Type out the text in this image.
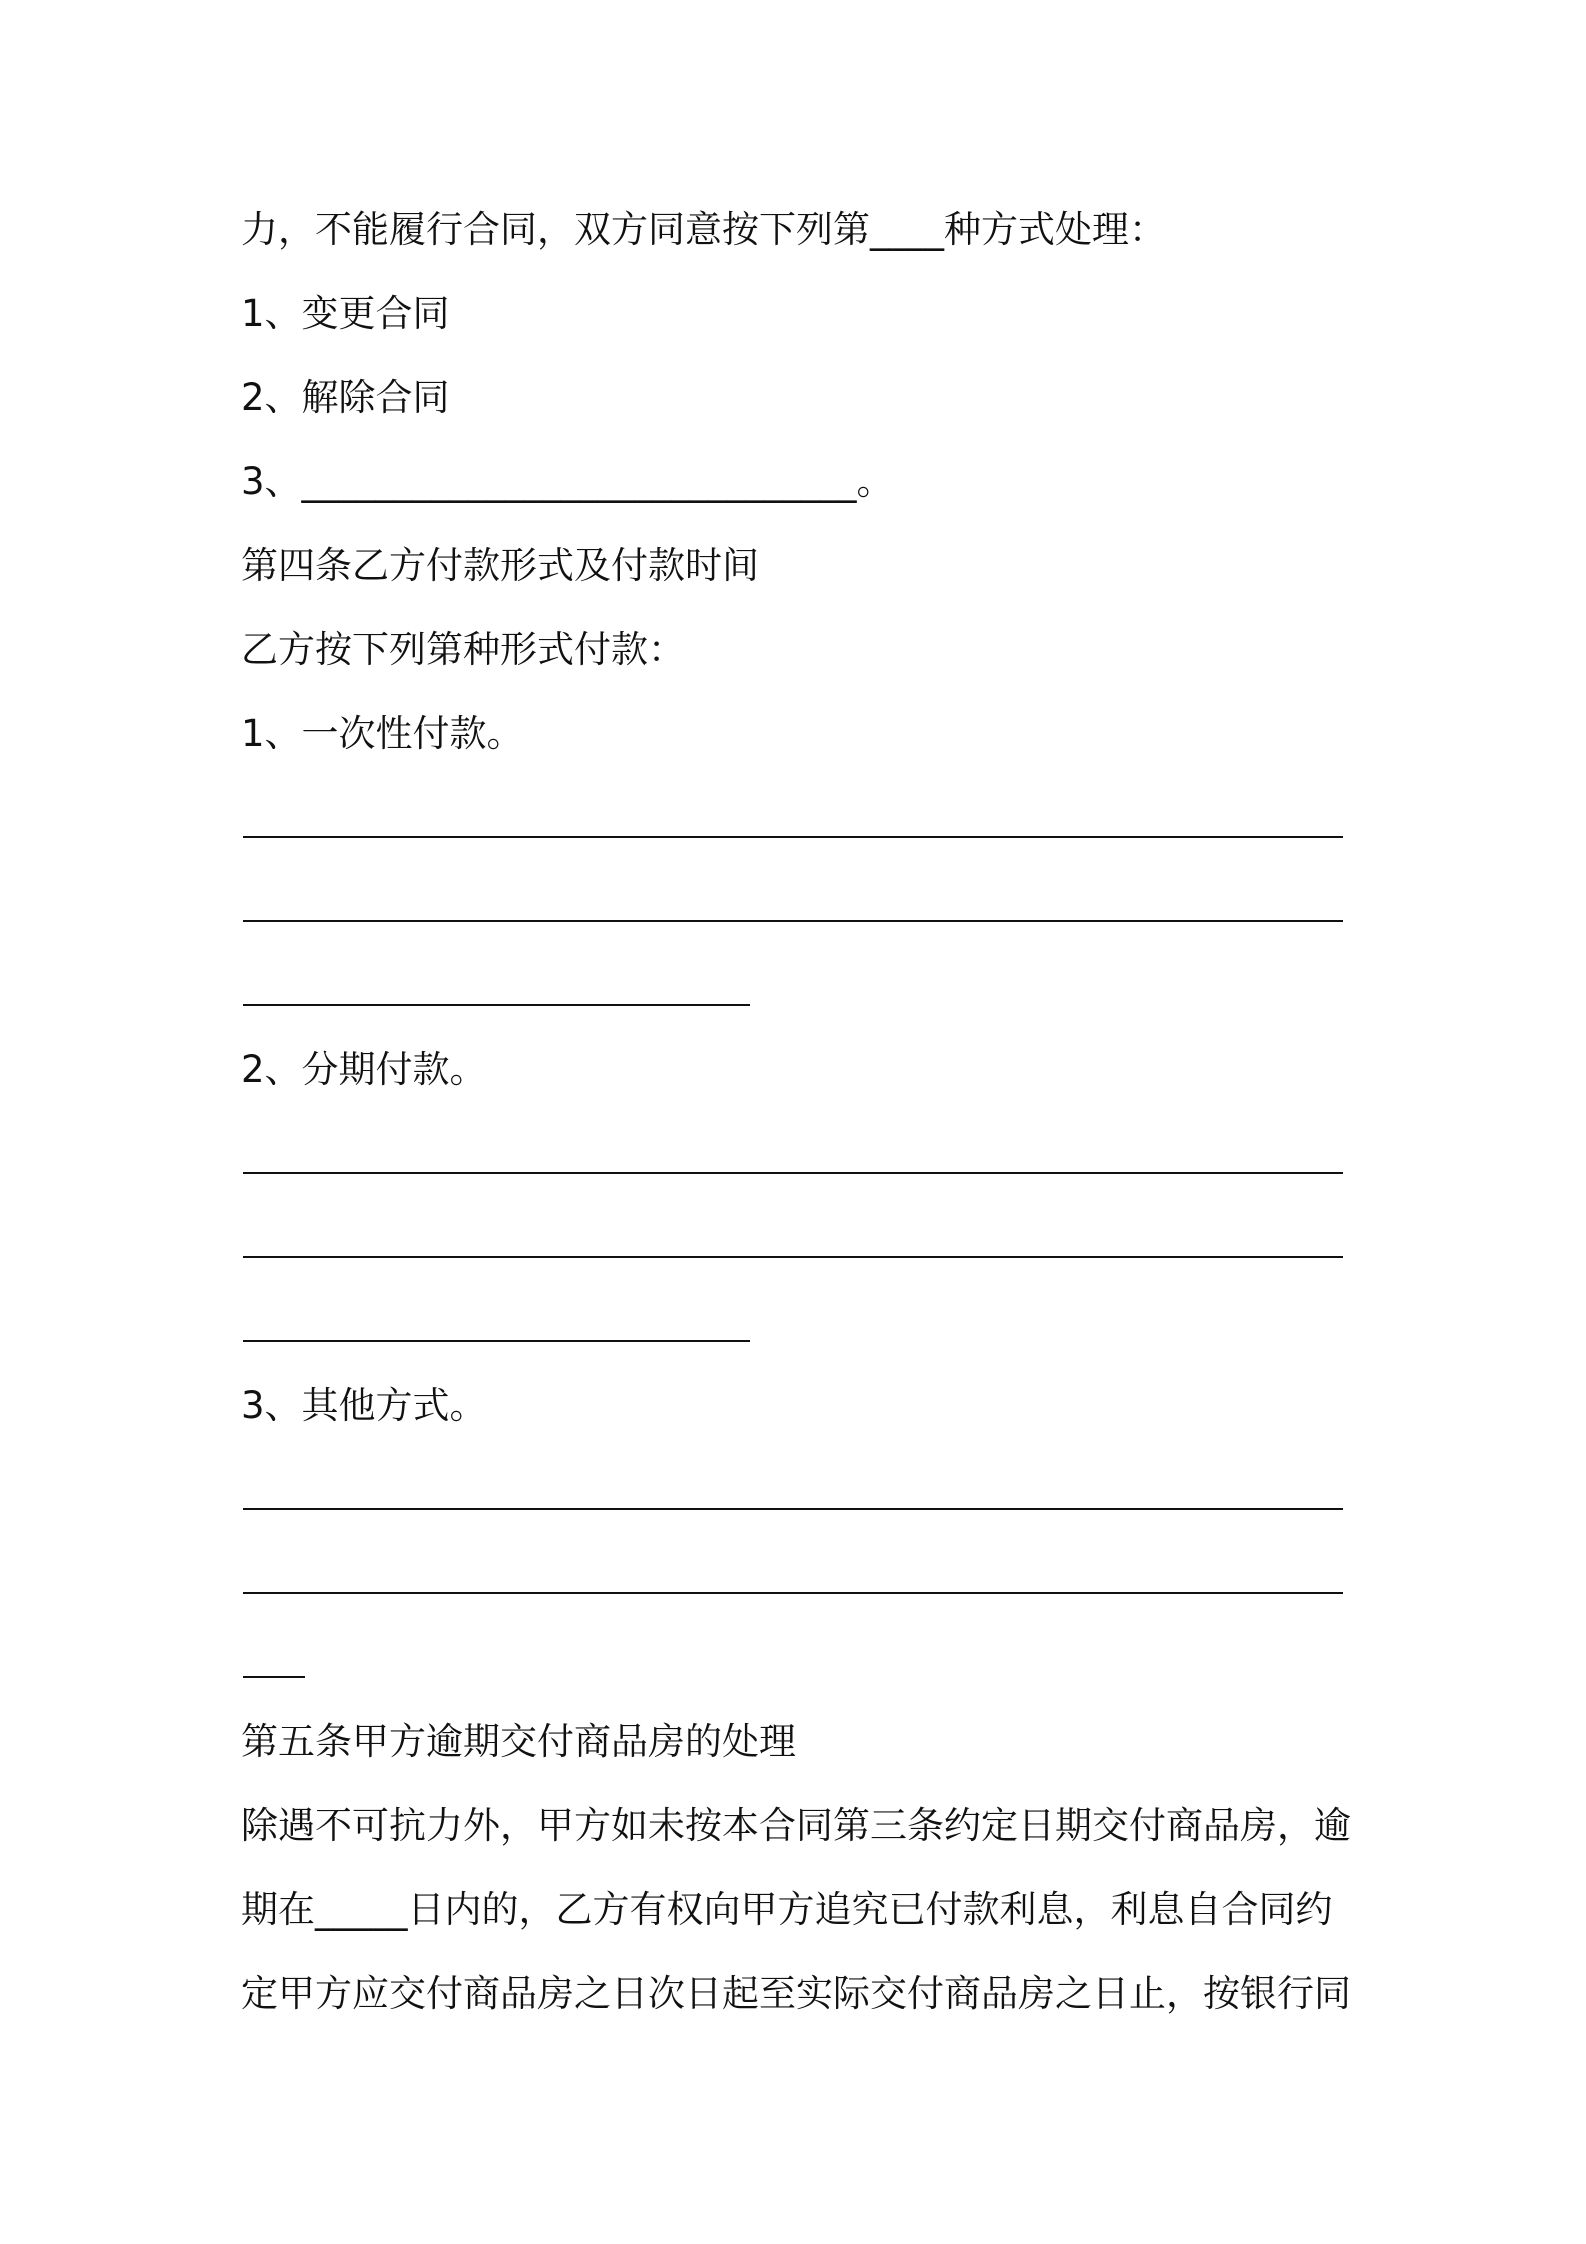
力，不能履行合同，双方同意按下列第____种方式处理：
1、变更合同
2、解除合同
3、______________________________。
第四条乙方付款形式及付款时间
乙方按下列第种形式付款：
1、一次性付款。
2、分期付款。
3、其他方式。
第五条甲方逾期交付商品房的处理
除遇不可抗力外，甲方如未按本合同第三条约定日期交付商品房，逾
期在_____日内的，乙方有权向甲方追究已付款利息，利息自合同约
定甲方应交付商品房之日次日起至实际交付商品房之日止，按银行同
